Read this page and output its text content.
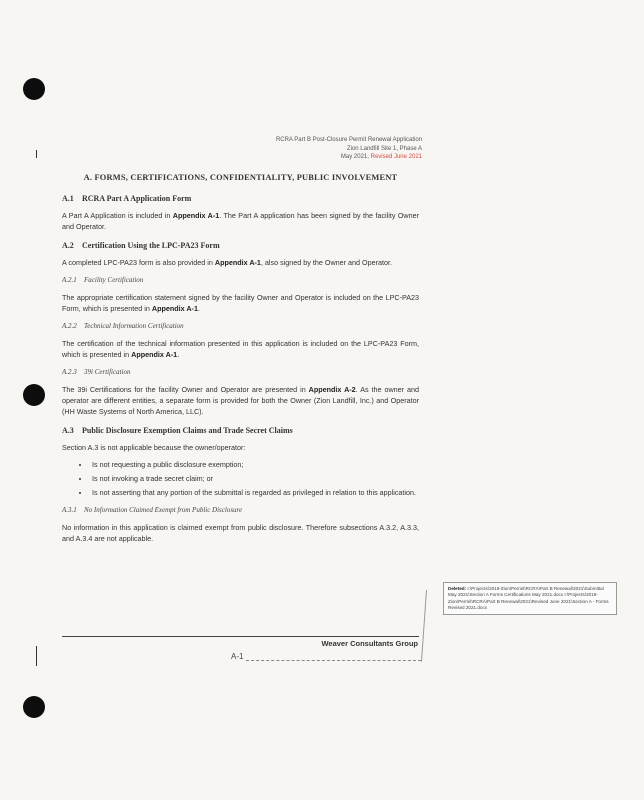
RCRA Part B Post-Closure Permit Renewal Application
Zion Landfill Site 1, Phase A
May 2021, Revised June 2021
A. FORMS, CERTIFICATIONS, CONFIDENTIALITY, PUBLIC INVOLVEMENT
A.1 RCRA Part A Application Form

A Part A Application is included in Appendix A-1. The Part A application has been signed by the facility Owner and Operator.

A.2 Certification Using the LPC-PA23 Form

A completed LPC-PA23 form is also provided in Appendix A-1, also signed by the Owner and Operator.

A.2.1 Facility Certification

The appropriate certification statement signed by the facility Owner and Operator is included on the LPC-PA23 Form, which is presented in Appendix A-1.

A.2.2 Technical Information Certification

The certification of the technical information presented in this application is included on the LPC-PA23 Form, which is presented in Appendix A-1.

A.2.3 39i Certification

The 39i Certifications for the facility Owner and Operator are presented in Appendix A-2. As the owner and operator are different entities, a separate form is provided for both the Owner (Zion Landfill, Inc.) and Operator (HH Waste Systems of North America, LLC).

A.3 Public Disclosure Exemption Claims and Trade Secret Claims

Section A.3 is not applicable because the owner/operator:

• Is not requesting a public disclosure exemption;
• Is not invoking a trade secret claim; or
• Is not asserting that any portion of the submittal is regarded as privileged in relation to this application.
A.3.1 No Information Claimed Exempt from Public Disclosure

No information in this application is claimed exempt from public disclosure. Therefore subsections A.3.2, A.3.3, and A.3.4 are not applicable.

Deleted: I:\Projects\2019-Zion\Permit\RCRA\Part B Renewal\2021\Submittal May 2021\Section A Forms Certifications May 2021.docx I:\Projects\2019-Zion\Permit\RCRA\Part B Renewal\2021\Revised June 2021\Section A - Forms Revised 2021.docx
Weaver Consultants Group
A-1
